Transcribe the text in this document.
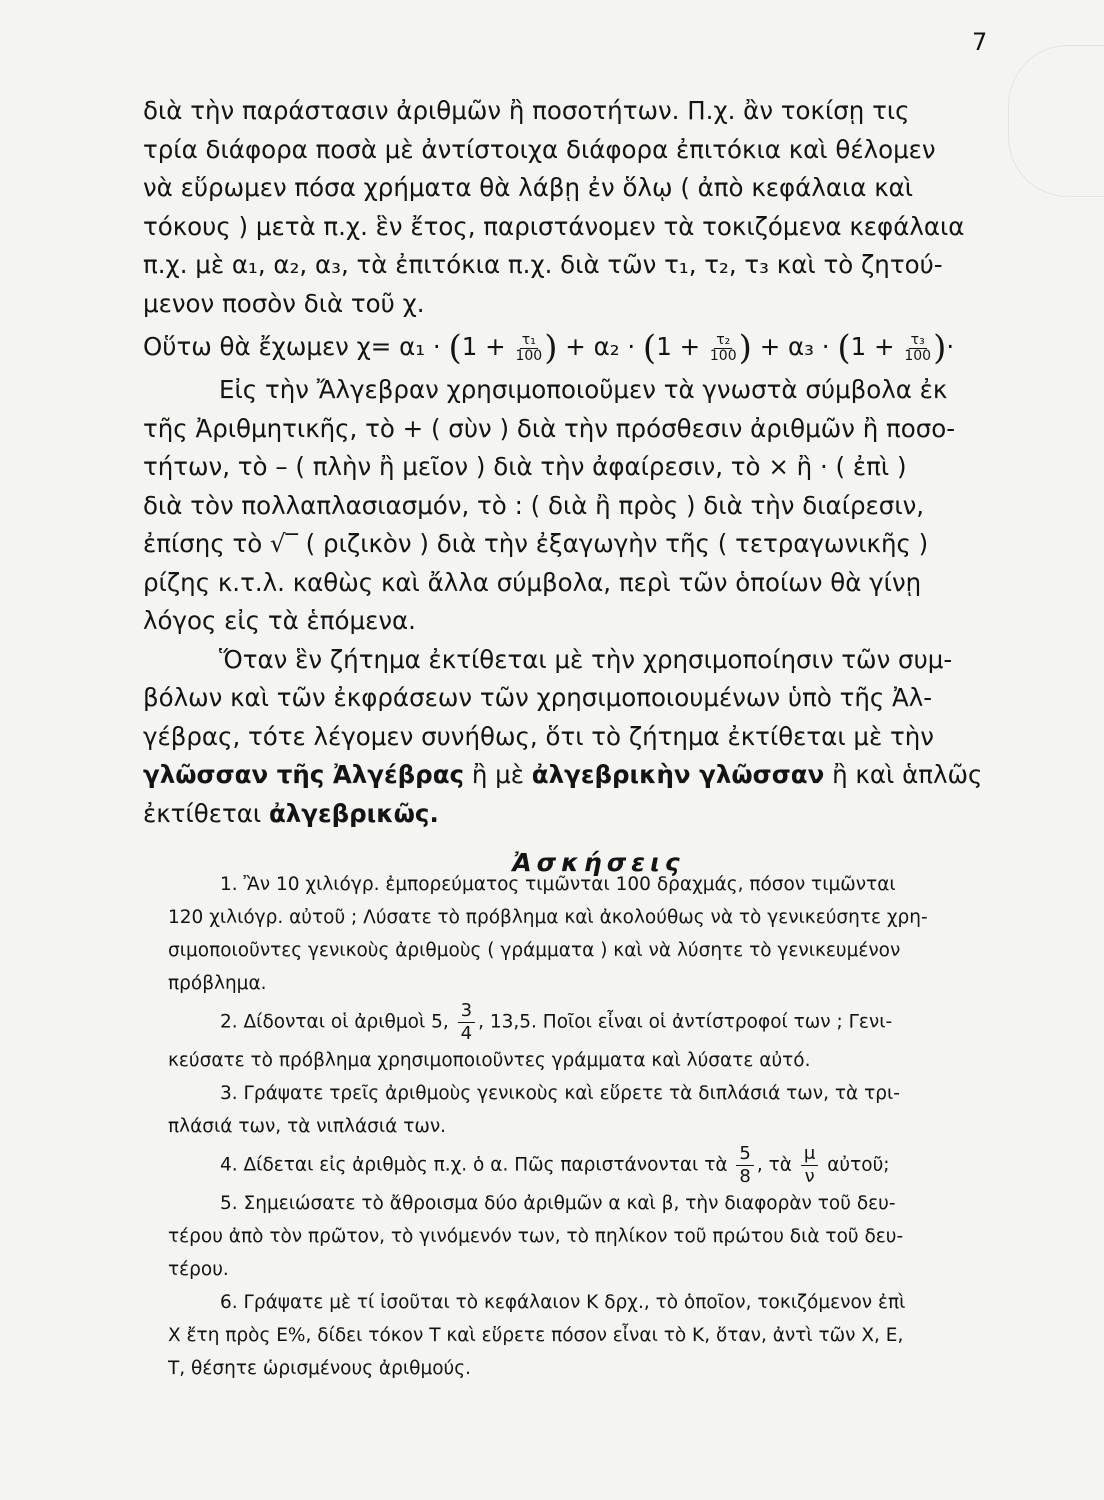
7
διὰ τὴν παράστασιν ἀριθμῶν ἢ ποσοτήτων. Π.χ. ἂν τοκίσῃ τις
τρία διάφορα ποσὰ μὲ ἀντίστοιχα διάφορα ἐπιτόκια καὶ θέλομεν
νὰ εὕρωμεν πόσα χρήματα θὰ λάβῃ ἐν ὅλῳ ( ἀπὸ κεφάλαια καὶ
τόκους ) μετὰ π.χ. ἓν ἔτος, παριστάνομεν τὰ τοκιζόμενα κεφάλαια
π.χ. μὲ α₁, α₂, α₃, τὰ ἐπιτόκια π.χ. διὰ τῶν τ₁, τ₂, τ₃ καὶ τὸ ζητού-
μενον ποσὸν διὰ τοῦ χ.
Οὕτω θὰ ἔχωμεν $\chi= \alpha_1 \cdot (1 + \frac{\text{τ₁}}{100}$ ) + $\alpha_2 \cdot (1 + \frac{\text{τ₂}}{100}$ ) + $\alpha_3 \cdot (1 + \frac{\text{τ₃}}{100}$ )·
Εἰς τὴν Ἄλγεβραν χρησιμοποιοῦμεν τὰ γνωστὰ σύμβολα ἐκ
τῆς Ἀριθμητικῆς, τὸ + ( σὺν ) διὰ τὴν πρόσθεσιν ἀριθμῶν ἢ ποσο-
τήτων, τὸ – ( πλὴν ἢ μεῖον ) διὰ τὴν ἀφαίρεσιν, τὸ × ἢ · ( ἐπὶ )
διὰ τὸν πολλαπλασιασμόν, τὸ : ( διὰ ἢ πρὸς ) διὰ τὴν διαίρεσιν,
ἐπίσης τὸ √‾ ( ριζικὸν ) διὰ τὴν ἐξαγωγὴν τῆς ( τετραγωνικῆς )
ρίζης κ.τ.λ. καθὼς καὶ ἄλλα σύμβολα, περὶ τῶν ὁποίων θὰ γίνῃ
λόγος εἰς τὰ ἑπόμενα.
Ὅταν ἓν ζήτημα ἐκτίθεται μὲ τὴν χρησιμοποίησιν τῶν συμ-
βόλων καὶ τῶν ἐκφράσεων τῶν χρησιμοποιουμένων ὑπὸ τῆς Ἀλ-
γέβρας, τότε λέγομεν συνήθως, ὅτι τὸ ζήτημα ἐκτίθεται μὲ τὴν
γλῶσσαν τῆς Ἀλγέβρας ἢ μὲ ἀλγεβρικὴν γλῶσσαν ἢ καὶ ἁπλῶς
ἐκτίθεται ἀλγεβρικῶς.
Ἀσκήσεις
1. Ἂν 10 χιλιόγρ. ἐμπορεύματος τιμῶνται 100 δραχμάς, πόσον τιμῶνται
120 χιλιόγρ. αὐτοῦ ; Λύσατε τὸ πρόβλημα καὶ ἀκολούθως νὰ τὸ γενικεύσητε χρη-
σιμοποιοῦντες γενικοὺς ἀριθμοὺς ( γράμματα ) καὶ νὰ λύσητε τὸ γενικευμένον
πρόβλημα.
2. Δίδονται οἱ ἀριθμοὶ 5, $\frac{3}{4}$ , 13,5. Ποῖοι εἶναι οἱ ἀντίστροφοί των ; Γενι-
κεύσατε τὸ πρόβλημα χρησιμοποιοῦντες γράμματα καὶ λύσατε αὐτό.
3. Γράψατε τρεῖς ἀριθμοὺς γενικοὺς καὶ εὕρετε τὰ διπλάσιά των, τὰ τρι-
πλάσιά των, τὰ νιπλάσιά των.
4. Δίδεται εἰς ἀριθμὸς π.χ. ὁ α. Πῶς παριστάνονται τὰ $\frac{5}{8}$ , τὰ $\frac{\mu}{\nu}$ αὐτοῦ;
5. Σημειώσατε τὸ ἄθροισμα δύο ἀριθμῶν α καὶ β, τὴν διαφορὰν τοῦ δευ-
τέρου ἀπὸ τὸν πρῶτον, τὸ γινόμενόν των, τὸ πηλίκον τοῦ πρώτου διὰ τοῦ δευ-
τέρου.
6. Γράψατε μὲ τί ἰσοῦται τὸ κεφάλαιον Κ δρχ., τὸ ὁποῖον, τοκιζόμενον ἐπὶ
Χ ἔτη πρὸς Ε%, δίδει τόκον Τ καὶ εὕρετε πόσον εἶναι τὸ Κ, ὅταν, ἀντὶ τῶν Χ, Ε,
Τ, θέσητε ὡρισμένους ἀριθμούς.
